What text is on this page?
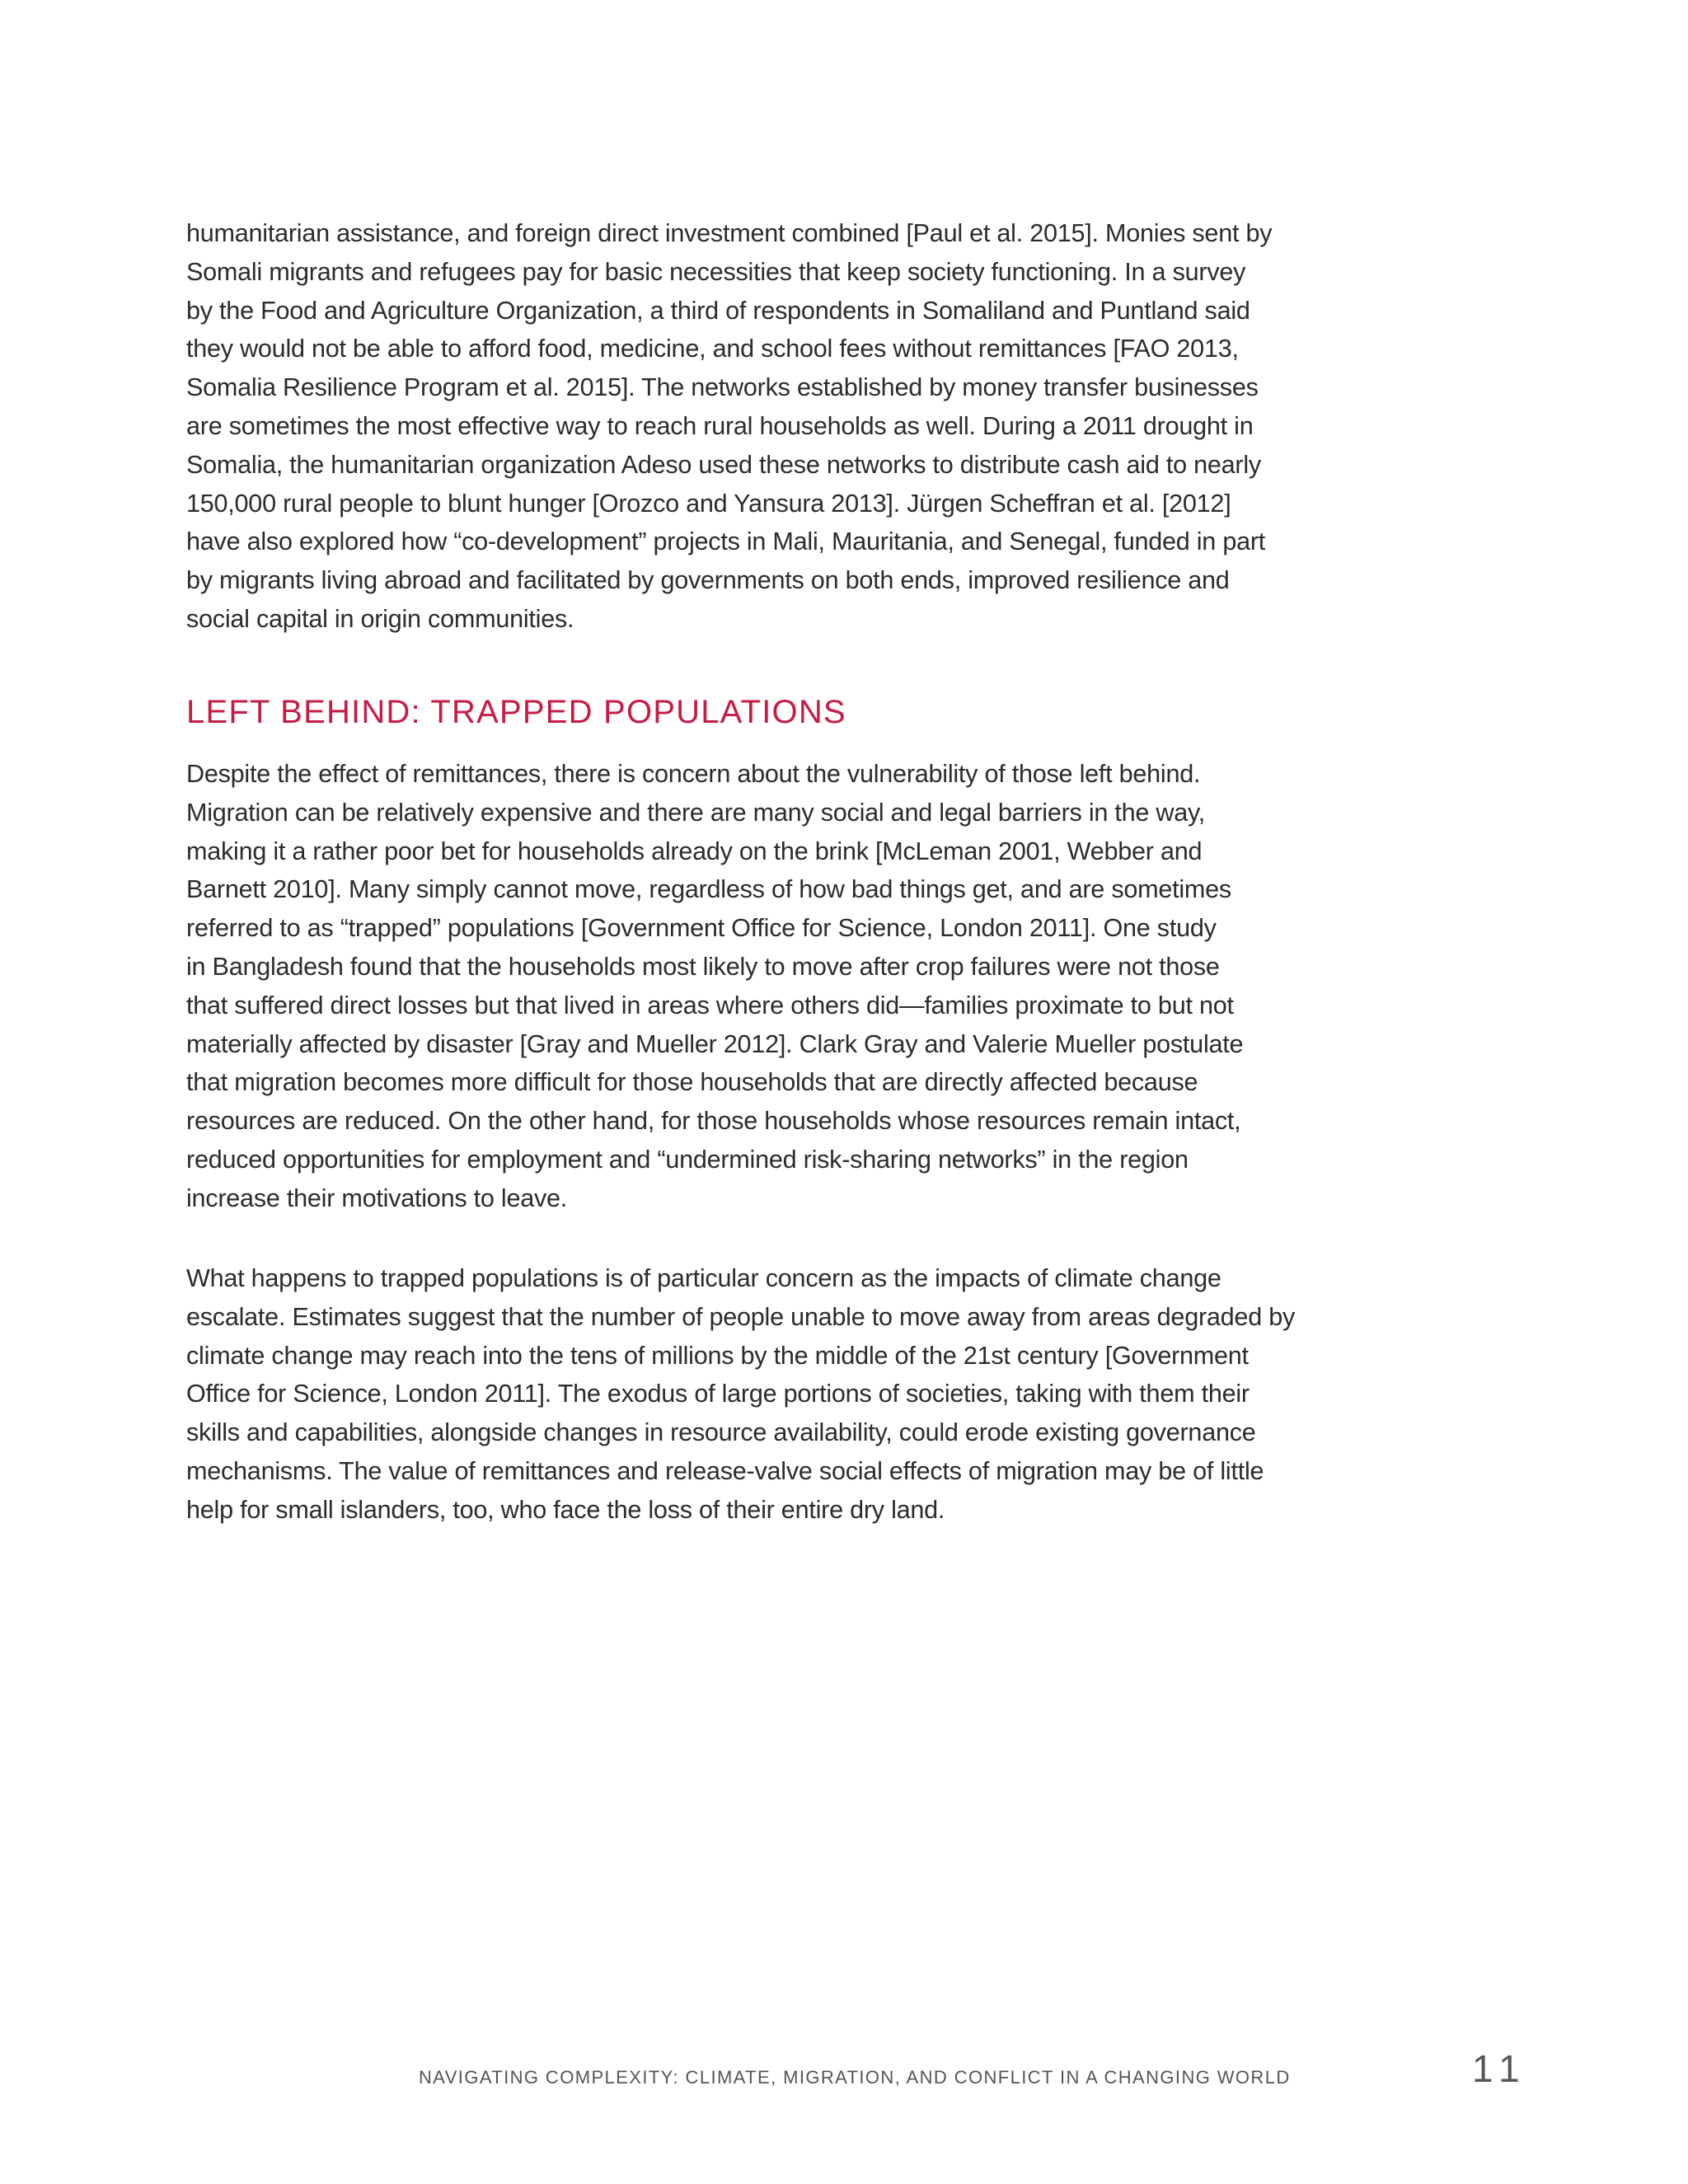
humanitarian assistance, and foreign direct investment combined [Paul et al. 2015]. Monies sent by
Somali migrants and refugees pay for basic necessities that keep society functioning. In a survey
by the Food and Agriculture Organization, a third of respondents in Somaliland and Puntland said
they would not be able to afford food, medicine, and school fees without remittances [FAO 2013,
Somalia Resilience Program et al. 2015]. The networks established by money transfer businesses
are sometimes the most effective way to reach rural households as well. During a 2011 drought in
Somalia, the humanitarian organization Adeso used these networks to distribute cash aid to nearly
150,000 rural people to blunt hunger [Orozco and Yansura 2013]. Jürgen Scheffran et al. [2012]
have also explored how “co-development” projects in Mali, Mauritania, and Senegal, funded in part
by migrants living abroad and facilitated by governments on both ends, improved resilience and
social capital in origin communities.
LEFT BEHIND: TRAPPED POPULATIONS
Despite the effect of remittances, there is concern about the vulnerability of those left behind.
Migration can be relatively expensive and there are many social and legal barriers in the way,
making it a rather poor bet for households already on the brink [McLeman 2001, Webber and
Barnett 2010]. Many simply cannot move, regardless of how bad things get, and are sometimes
referred to as “trapped” populations [Government Office for Science, London 2011]. One study
in Bangladesh found that the households most likely to move after crop failures were not those
that suffered direct losses but that lived in areas where others did—families proximate to but not
materially affected by disaster [Gray and Mueller 2012]. Clark Gray and Valerie Mueller postulate
that migration becomes more difficult for those households that are directly affected because
resources are reduced. On the other hand, for those households whose resources remain intact,
reduced opportunities for employment and “undermined risk-sharing networks” in the region
increase their motivations to leave.
What happens to trapped populations is of particular concern as the impacts of climate change
escalate. Estimates suggest that the number of people unable to move away from areas degraded by
climate change may reach into the tens of millions by the middle of the 21st century [Government
Office for Science, London 2011]. The exodus of large portions of societies, taking with them their
skills and capabilities, alongside changes in resource availability, could erode existing governance
mechanisms. The value of remittances and release-valve social effects of migration may be of little
help for small islanders, too, who face the loss of their entire dry land.
NAVIGATING COMPLEXITY: CLIMATE, MIGRATION, AND CONFLICT IN A CHANGING WORLD	11
